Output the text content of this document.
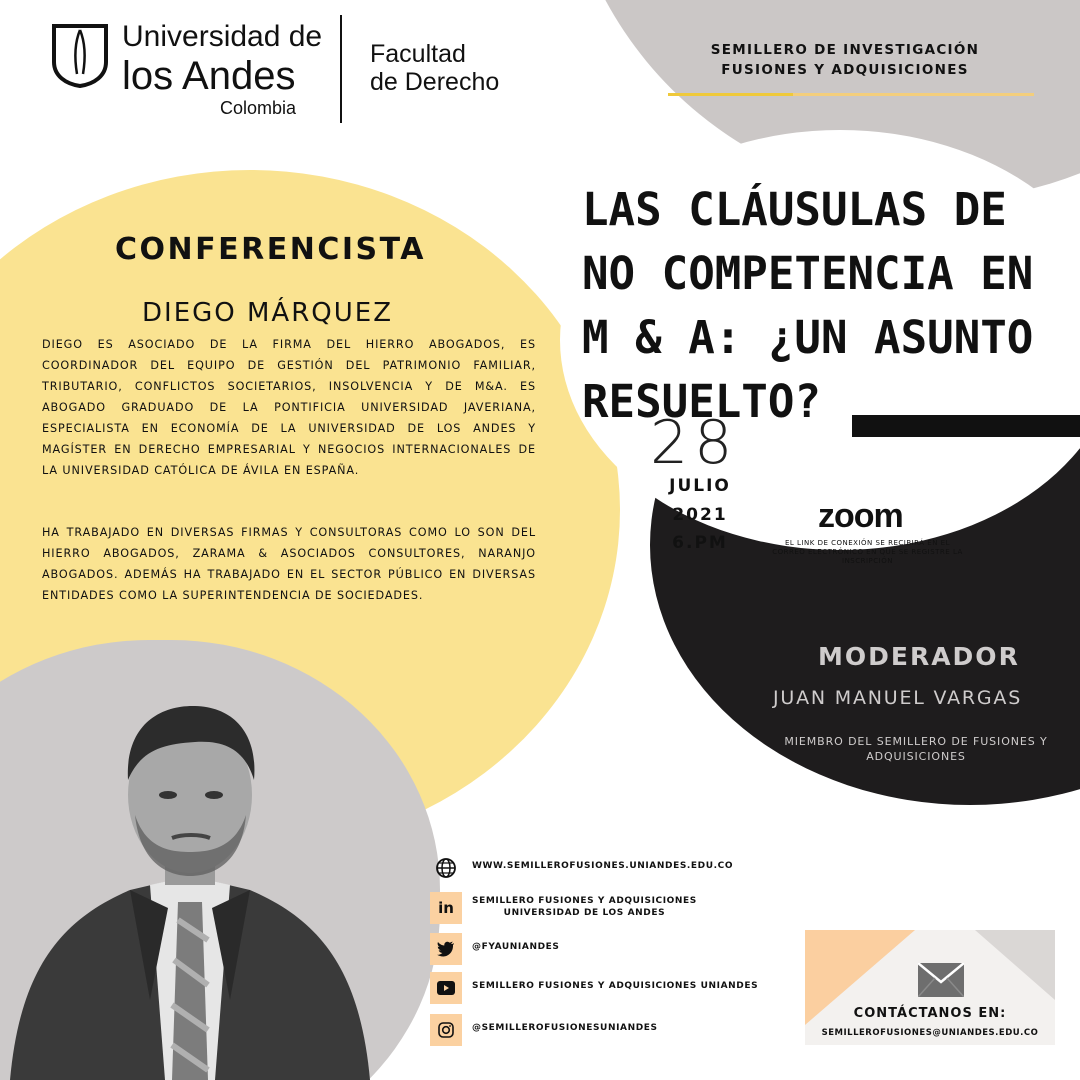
Universidad de
los Andes
Colombia
Facultad
de Derecho
SEMILLERO DE INVESTIGACIÓN
FUSIONES Y ADQUISICIONES
CONFERENCISTA
DIEGO MÁRQUEZ
DIEGO ES ASOCIADO DE LA FIRMA DEL HIERRO ABOGADOS, ES COORDINADOR DEL EQUIPO DE GESTIÓN DEL PATRIMONIO FAMILIAR, TRIBUTARIO, CONFLICTOS SOCIETARIOS, INSOLVENCIA Y DE M&A. ES ABOGADO GRADUADO DE LA PONTIFICIA UNIVERSIDAD JAVERIANA, ESPECIALISTA EN ECONOMÍA DE LA UNIVERSIDAD DE LOS ANDES Y MAGÍSTER EN DERECHO EMPRESARIAL Y NEGOCIOS INTERNACIONALES DE LA UNIVERSIDAD CATÓLICA DE ÁVILA EN ESPAÑA.
HA TRABAJADO EN DIVERSAS FIRMAS Y CONSULTORAS COMO LO SON DEL HIERRO ABOGADOS, ZARAMA & ASOCIADOS CONSULTORES, NARANJO ABOGADOS. ADEMÁS HA TRABAJADO EN EL SECTOR PÚBLICO EN DIVERSAS ENTIDADES COMO LA SUPERINTENDENCIA DE SOCIEDADES.
LAS CLÁUSULAS DE
NO COMPETENCIA EN
M & A: ¿UN ASUNTO
RESUELTO?
28
JULIO
2021
6.PM
zoom
EL LINK DE CONEXIÓN SE RECIBIRÁ EN EL CORREO ELECTRÓNICO EN QUE SE REGISTRE LA INSCRIPCIÓN
MODERADOR
JUAN MANUEL VARGAS
MIEMBRO DEL SEMILLERO DE FUSIONES Y ADQUISICIONES
WWW.SEMILLEROFUSIONES.UNIANDES.EDU.CO
in SEMILLERO FUSIONES Y ADQUISICIONES
UNIVERSIDAD DE LOS ANDES
@FYAUNIANDES
SEMILLERO FUSIONES Y ADQUISICIONES UNIANDES
@SEMILLEROFUSIONESUNIANDES
CONTÁCTANOS EN:
SEMILLEROFUSIONES@UNIANDES.EDU.CO
